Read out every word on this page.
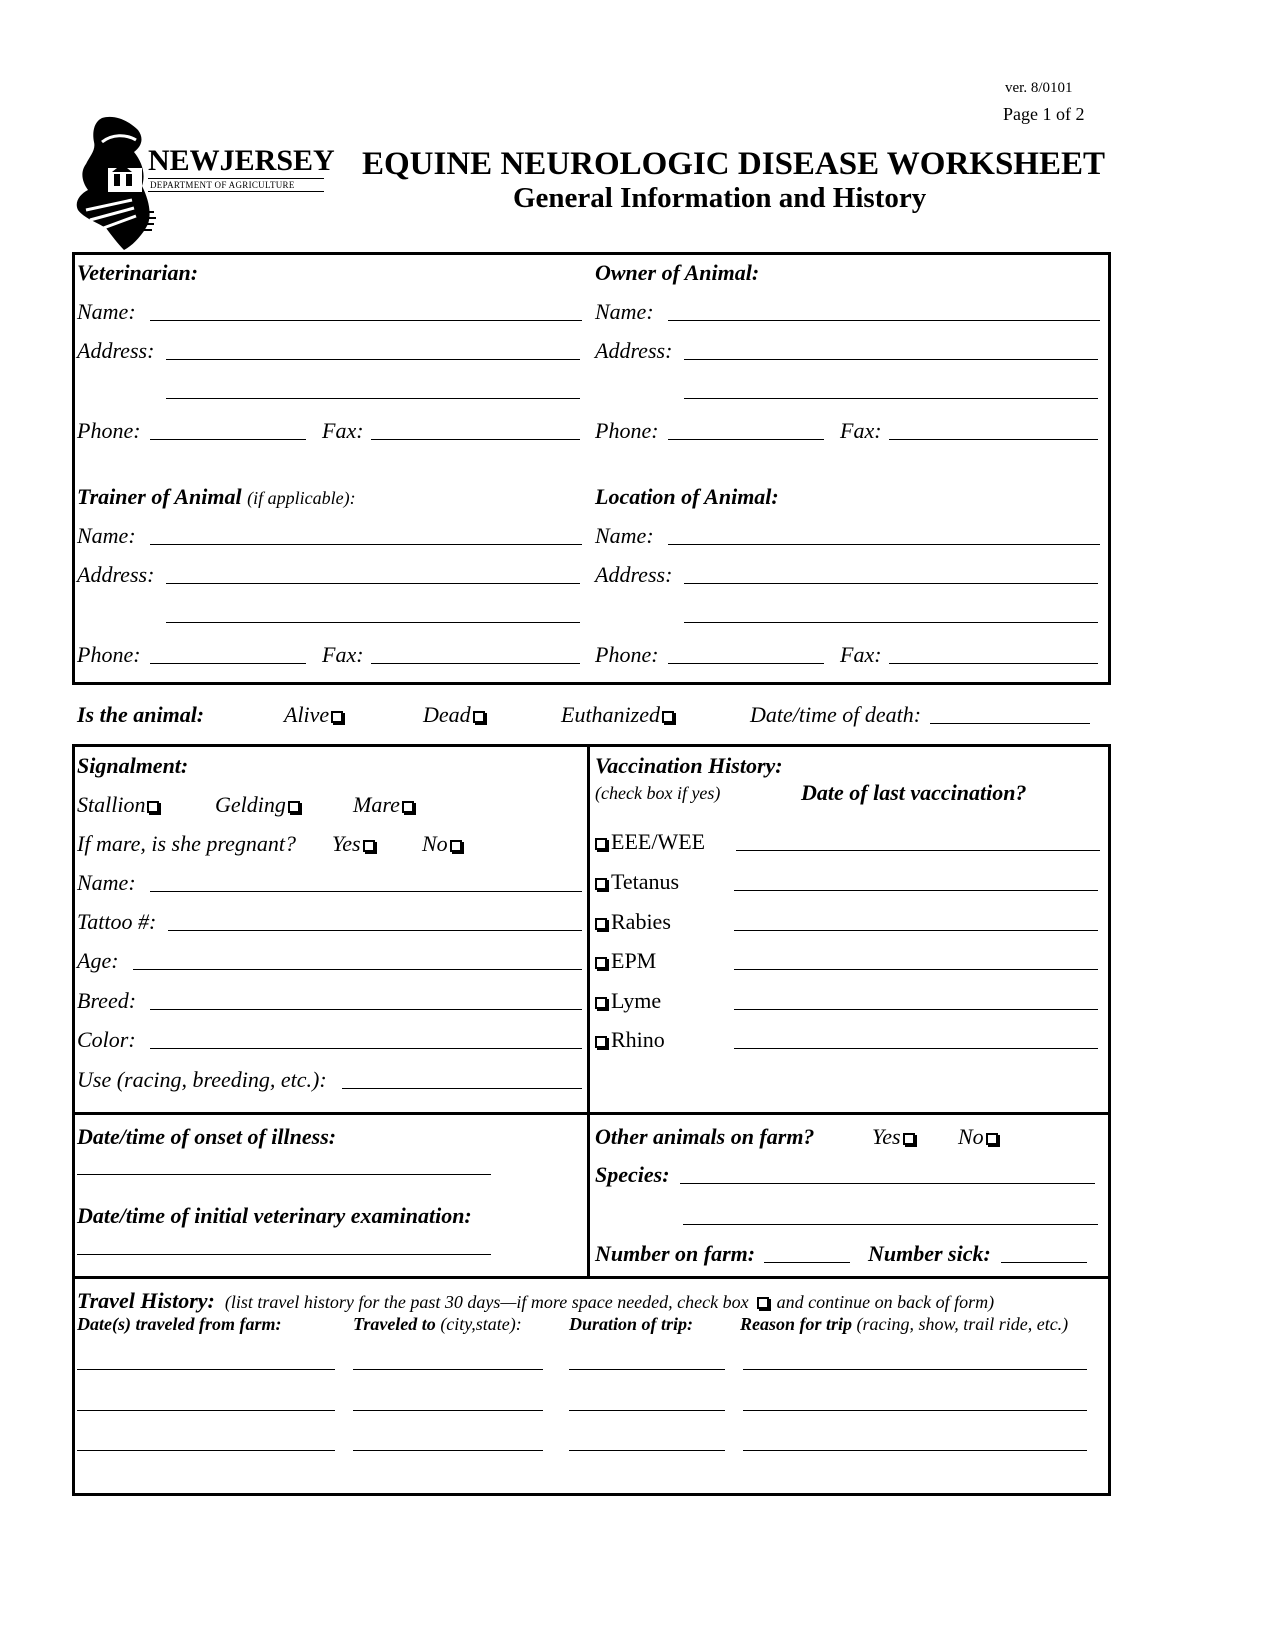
ver. 8/0101
Page 1 of 2
NEWJERSEY
DEPARTMENT OF AGRICULTURE
EQUINE NEUROLOGIC DISEASE WORKSHEET
General Information and History
Veterinarian:
Name:
Address:
Phone:	Fax:
Owner of Animal:
Name:
Address:
Phone:	Fax:
Trainer of Animal (if applicable):
Name:
Address:
Phone:	Fax:
Location of Animal:
Name:
Address:
Phone:	Fax:
Is the animal:	Alive	Dead	Euthanized	Date/time of death:
Signalment:
Stallion	Gelding	Mare
If mare, is she pregnant? Yes	No
Name:
Tattoo #:
Age:
Breed:
Color:
Use (racing, breeding, etc.):
Vaccination History:
(check box if yes)	Date of last vaccination?
EEE/WEE
Tetanus
Rabies
EPM
Lyme
Rhino
Date/time of onset of illness:
Date/time of initial veterinary examination:
Other animals on farm?	Yes	No
Species:
Number on farm:	Number sick:
Travel History: (list travel history for the past 30 days—if more space needed, check box and continue on back of form)
Date(s) traveled from farm:	Traveled to (city,state):	Duration of trip:	Reason for trip (racing, show, trail ride, etc.)
